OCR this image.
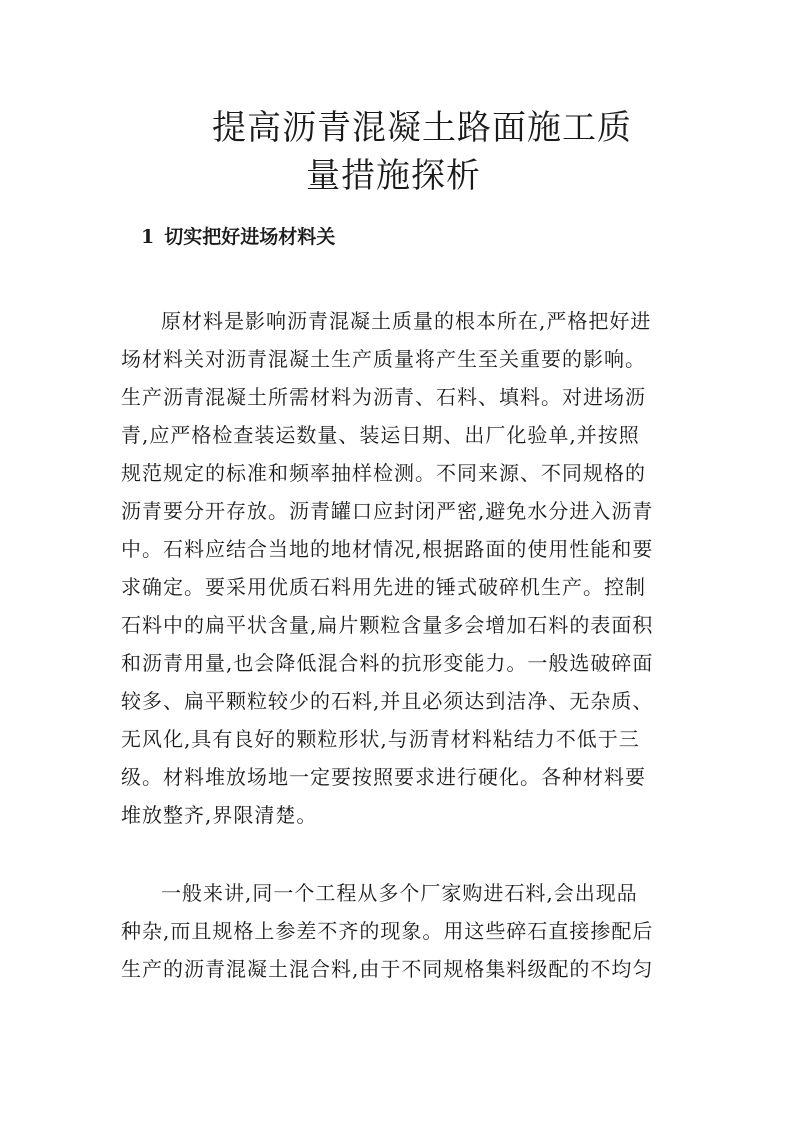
提高沥青混凝土路面施工质
量措施探析
1 切实把好进场材料关
原材料是影响沥青混凝土质量的根本所在,严格把好进
场材料关对沥青混凝土生产质量将产生至关重要的影响。
生产沥青混凝土所需材料为沥青、石料、填料。对进场沥
青,应严格检查装运数量、装运日期、出厂化验单,并按照
规范规定的标准和频率抽样检测。不同来源、不同规格的
沥青要分开存放。沥青罐口应封闭严密,避免水分进入沥青
中。石料应结合当地的地材情况,根据路面的使用性能和要
求确定。要采用优质石料用先进的锤式破碎机生产。控制
石料中的扁平状含量,扁片颗粒含量多会增加石料的表面积
和沥青用量,也会降低混合料的抗形变能力。一般选破碎面
较多、扁平颗粒较少的石料,并且必须达到洁净、无杂质、
无风化,具有良好的颗粒形状,与沥青材料粘结力不低于三
级。材料堆放场地一定要按照要求进行硬化。各种材料要
堆放整齐,界限清楚。
一般来讲,同一个工程从多个厂家购进石料,会出现品
种杂,而且规格上参差不齐的现象。用这些碎石直接掺配后
生产的沥青混凝土混合料,由于不同规格集料级配的不均匀
